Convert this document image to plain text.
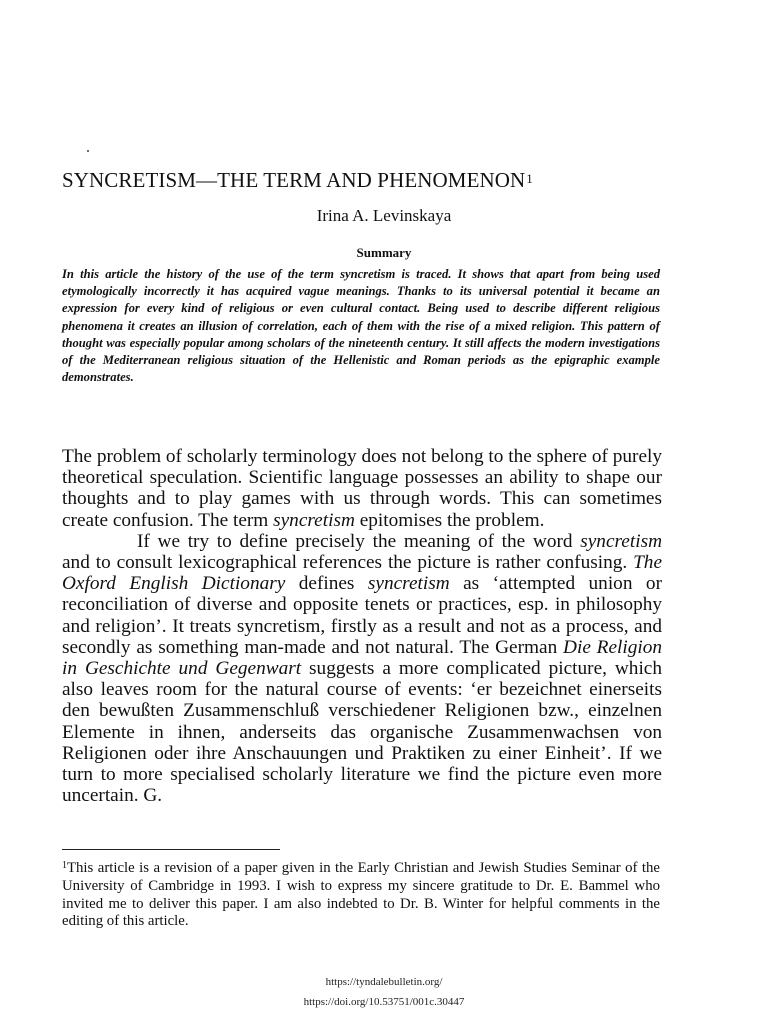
SYNCRETISM—THE TERM AND PHENOMENON$^1$
Irina A. Levinskaya
Summary
In this article the history of the use of the term syncretism is traced. It shows that apart from being used etymologically incorrectly it has acquired vague meanings. Thanks to its universal potential it became an expression for every kind of religious or even cultural contact. Being used to describe different religious phenomena it creates an illusion of correlation, each of them with the rise of a mixed religion. This pattern of thought was especially popular among scholars of the nineteenth century. It still affects the modern investigations of the Mediterranean religious situation of the Hellenistic and Roman periods as the epigraphic example demonstrates.

The problem of scholarly terminology does not belong to the sphere of purely theoretical speculation. Scientific language possesses an ability to shape our thoughts and to play games with us through words. This can sometimes create confusion. The term syncretism epitomises the problem.

If we try to define precisely the meaning of the word syncretism and to consult lexicographical references the picture is rather confusing. The Oxford English Dictionary defines syncretism as ‘attempted union or reconciliation of diverse and opposite tenets or practices, esp. in philosophy and religion’. It treats syncretism, firstly as a result and not as a process, and secondly as something man-made and not natural. The German Die Religion in Geschichte und Gegenwart suggests a more complicated picture, which also leaves room for the natural course of events: ‘er bezeichnet einerseits den bewußten Zusammenschluß verschiedener Religionen bzw., einzelnen Elemente in ihnen, anderseits das organische Zusammenwachsen von Religionen oder ihre Anschauungen und Praktiken zu einer Einheit’. If we turn to more specialised scholarly literature we find the picture even more uncertain. G.

$^1$This article is a revision of a paper given in the Early Christian and Jewish Studies Seminar of the University of Cambridge in 1993. I wish to express my sincere gratitude to Dr. E. Bammel who invited me to deliver this paper. I am also indebted to Dr. B. Winter for helpful comments in the editing of this article.
https://tyndalebulletin.org/
https://doi.org/10.53751/001c.30447
